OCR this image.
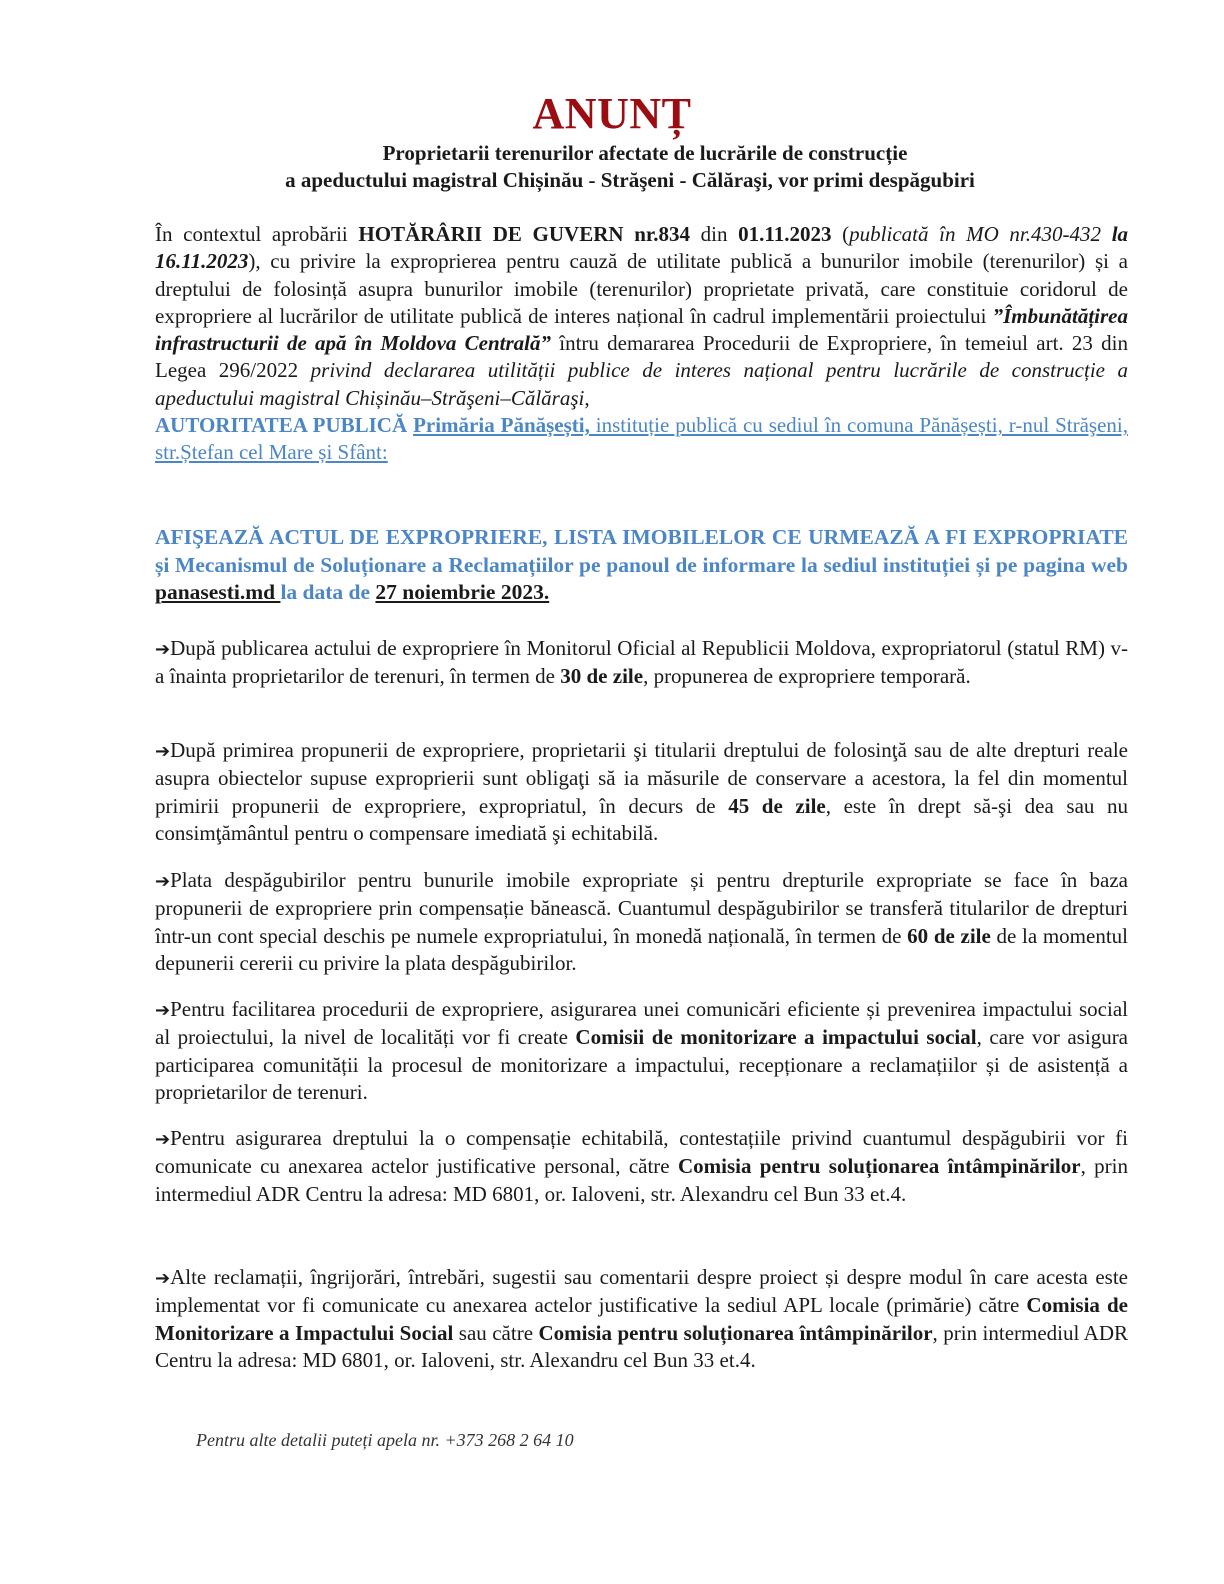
ANUNȚ
Proprietarii terenurilor afectate de lucrările de construcție
a apeductului magistral Chișinău - Străşeni - Călăraşi, vor primi despăgubiri
În contextul aprobării HOTĂRÂRII DE GUVERN nr.834 din 01.11.2023 (publicată în MO nr.430-432 la 16.11.2023), cu privire la exproprierea pentru cauză de utilitate publică a bunurilor imobile (terenurilor) și a dreptului de folosință asupra bunurilor imobile (terenurilor) proprietate privată, care constituie coridorul de expropriere al lucrărilor de utilitate publică de interes național în cadrul implementării proiectului ”Îmbunătățirea infrastructurii de apă în Moldova Centrală” întru demararea Procedurii de Expropriere, în temeiul art. 23 din Legea 296/2022 privind declararea utilității publice de interes național pentru lucrările de construcție a apeductului magistral Chișinău–Străşeni–Călăraşi,
AUTORITATEA PUBLICĂ Primăria Pănășești, instituție publică cu sediul în comuna Pănășești, r-nul Străşeni, str.Ștefan cel Mare și Sfânt:
AFIŞEAZĂ ACTUL DE EXPROPRIERE, LISTA IMOBILELOR CE URMEAZĂ A FI EXPROPRIATE și Mecanismul de Soluționare a Reclamațiilor pe panoul de informare la sediul instituției și pe pagina web panasesti.md la data de 27 noiembrie 2023.
➔După publicarea actului de expropriere în Monitorul Oficial al Republicii Moldova, expropriatorul (statul RM) v-a înainta proprietarilor de terenuri, în termen de 30 de zile, propunerea de expropriere temporară.
➔După primirea propunerii de expropriere, proprietarii şi titularii dreptului de folosinţă sau de alte drepturi reale asupra obiectelor supuse exproprierii sunt obligaţi să ia măsurile de conservare a acestora, la fel din momentul primirii propunerii de expropriere, expropriatul, în decurs de 45 de zile, este în drept să-şi dea sau nu consimţământul pentru o compensare imediată şi echitabilă.
➔Plata despăgubirilor pentru bunurile imobile expropriate și pentru drepturile expropriate se face în baza propunerii de expropriere prin compensație bănească. Cuantumul despăgubirilor se transferă titularilor de drepturi într-un cont special deschis pe numele expropriatului, în monedă națională, în termen de 60 de zile de la momentul depunerii cererii cu privire la plata despăgubirilor.
➔Pentru facilitarea procedurii de expropriere, asigurarea unei comunicări eficiente și prevenirea impactului social al proiectului, la nivel de localități vor fi create Comisii de monitorizare a impactului social, care vor asigura participarea comunității la procesul de monitorizare a impactului, recepționare a reclamațiilor și de asistență a proprietarilor de terenuri.
➔Pentru asigurarea dreptului la o compensație echitabilă, contestațiile privind cuantumul despăgubirii vor fi comunicate cu anexarea actelor justificative personal, către Comisia pentru soluționarea întâmpinărilor, prin intermediul ADR Centru la adresa: MD 6801, or. Ialoveni, str. Alexandru cel Bun 33 et.4.
➔Alte reclamații, îngrijorări, întrebări, sugestii sau comentarii despre proiect și despre modul în care acesta este implementat vor fi comunicate cu anexarea actelor justificative la sediul APL locale (primărie) către Comisia de Monitorizare a Impactului Social sau către Comisia pentru soluționarea întâmpinărilor, prin intermediul ADR Centru la adresa: MD 6801, or. Ialoveni, str. Alexandru cel Bun 33 et.4.
Pentru alte detalii puteți apela nr. +373 268 2 64 10
